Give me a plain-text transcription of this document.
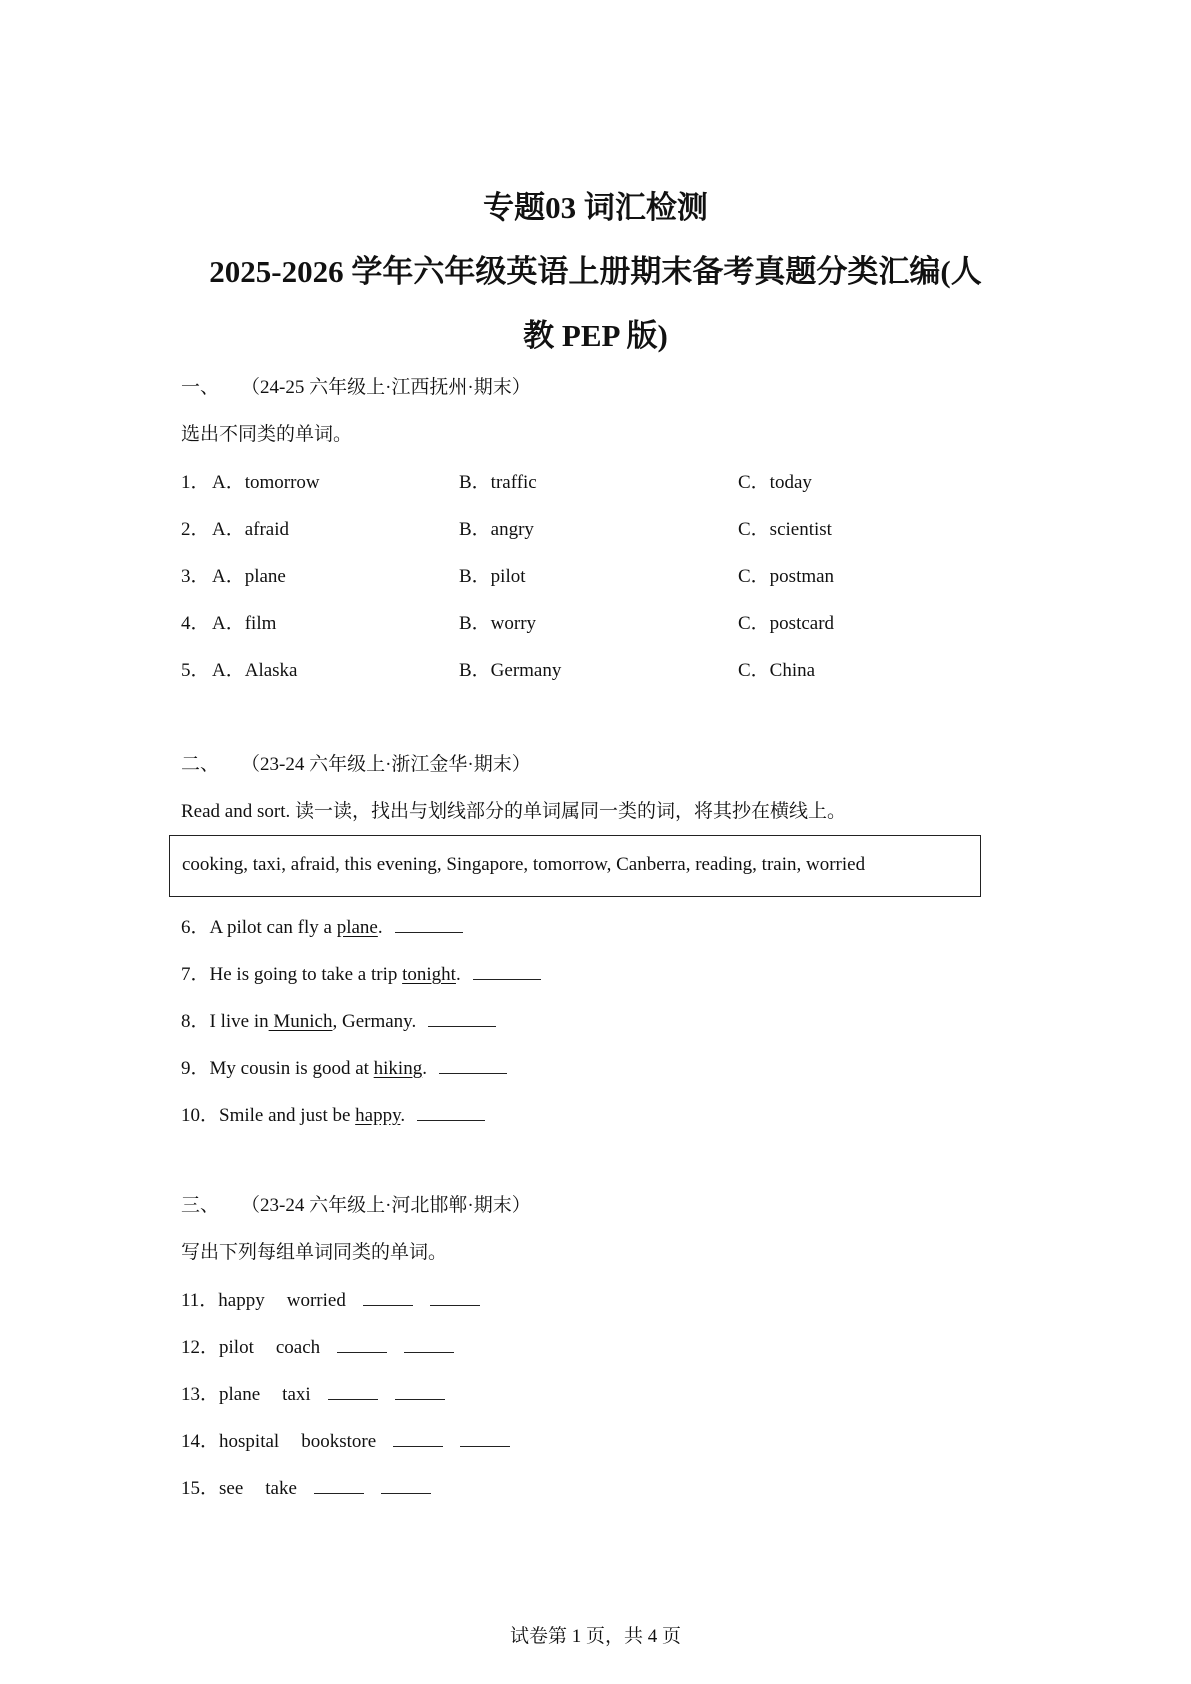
专题03 词汇检测
2025-2026 学年六年级英语上册期末备考真题分类汇编(人
教 PEP 版)
一、 （24-25 六年级上·江西抚州·期末）
选出不同类的单词。
1． A．tomorrow	B．traffic	C．today
2． A．afraid	B．angry	C．scientist
3． A．plane	B．pilot	C．postman
4． A．film	B．worry	C．postcard
5． A．Alaska	B．Germany	C．China
二、 （23-24 六年级上·浙江金华·期末）
Read and sort. 读一读，找出与划线部分的单词属同一类的词，将其抄在横线上。
cooking, taxi, afraid, this evening, Singapore, tomorrow, Canberra, reading, train, worried
6．A pilot can fly a plane.
7．He is going to take a trip tonight.
8．I live in Munich, Germany.
9．My cousin is good at hiking.
10．Smile and just be happy.
三、 （23-24 六年级上·河北邯郸·期末）
写出下列每组单词同类的单词。
11．happy worried
12．pilot coach
13．plane taxi
14．hospital bookstore
15．see take
试卷第 1 页，共 4 页
